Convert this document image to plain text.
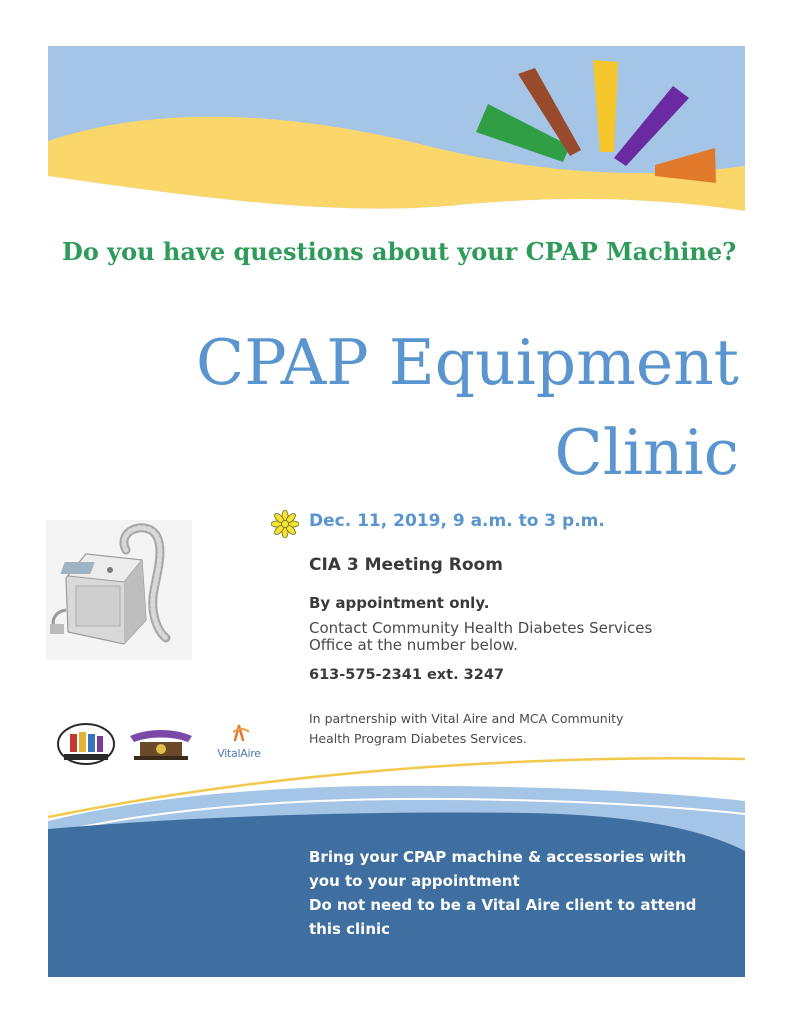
Do you have questions about your CPAP Machine?
CPAP Equipment
Clinic
Dec. 11, 2019, 9 a.m. to 3 p.m.
CIA 3 Meeting Room
By appointment only.
Contact Community Health Diabetes Services
Office at the number below.
613-575-2341 ext. 3247
In partnership with Vital Aire and MCA Community
Health Program Diabetes Services.
VitalAire
Bring your CPAP machine & accessories with
you to your appointment
Do not need to be a Vital Aire client to attend
this clinic
